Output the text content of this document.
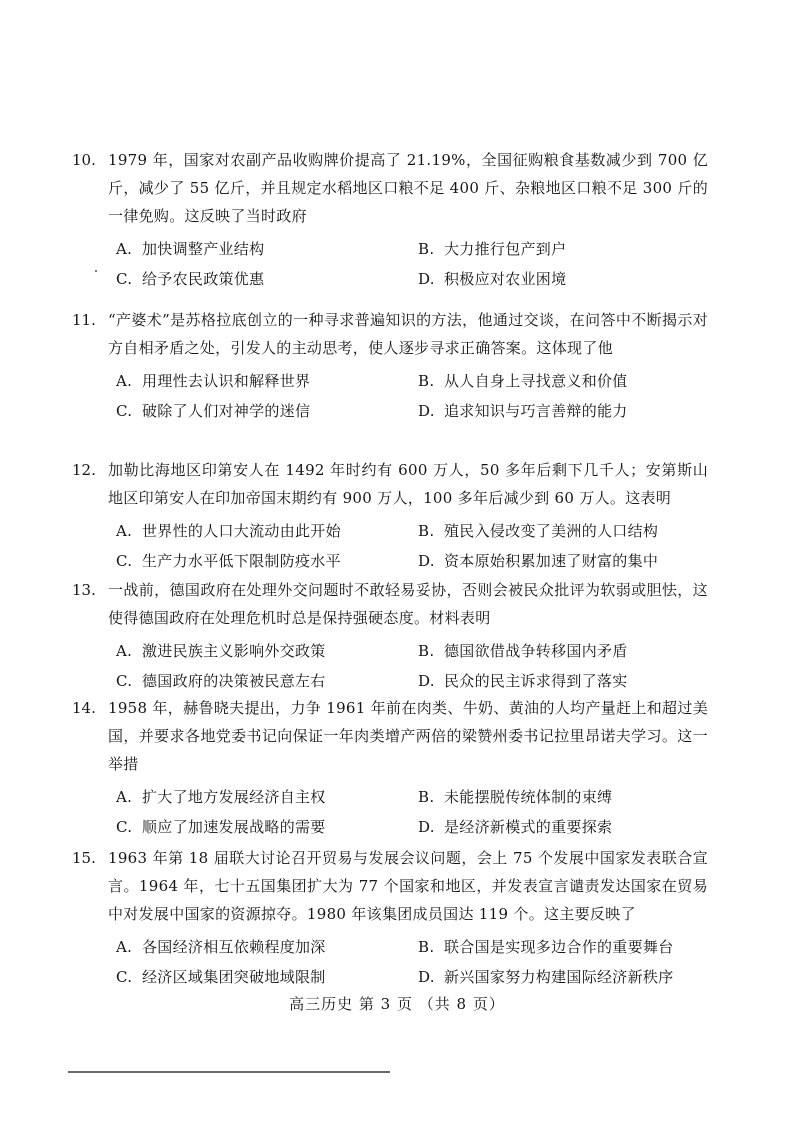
10. 1979 年，国家对农副产品收购牌价提高了 21.19%，全国征购粮食基数减少到 700 亿斤，减少了 55 亿斤，并且规定水稻地区口粮不足 400 斤、杂粮地区口粮不足 300 斤的一律免购。这反映了当时政府

A. 加快调整产业结构	B. 大力推行包产到户
C. 给予农民政策优惠	D. 积极应对农业困境
11. “产婆术”是苏格拉底创立的一种寻求普遍知识的方法，他通过交谈，在问答中不断揭示对方自相矛盾之处，引发人的主动思考，使人逐步寻求正确答案。这体现了他

A. 用理性去认识和解释世界	B. 从人自身上寻找意义和价值
C. 破除了人们对神学的迷信	D. 追求知识与巧言善辩的能力
12. 加勒比海地区印第安人在 1492 年时约有 600 万人，50 多年后剩下几千人；安第斯山地区印第安人在印加帝国末期约有 900 万人，100 多年后减少到 60 万人。这表明

A. 世界性的人口大流动由此开始	B. 殖民入侵改变了美洲的人口结构
C. 生产力水平低下限制防疫水平	D. 资本原始积累加速了财富的集中
13. 一战前，德国政府在处理外交问题时不敢轻易妥协，否则会被民众批评为软弱或胆怯，这使得德国政府在处理危机时总是保持强硬态度。材料表明

A. 激进民族主义影响外交政策	B. 德国欲借战争转移国内矛盾
C. 德国政府的决策被民意左右	D. 民众的民主诉求得到了落实
14. 1958 年，赫鲁晓夫提出，力争 1961 年前在肉类、牛奶、黄油的人均产量赶上和超过美国，并要求各地党委书记向保证一年肉类增产两倍的梁赞州委书记拉里昂诺夫学习。这一举措

A. 扩大了地方发展经济自主权	B. 未能摆脱传统体制的束缚
C. 顺应了加速发展战略的需要	D. 是经济新模式的重要探索
15. 1963 年第 18 届联大讨论召开贸易与发展会议问题，会上 75 个发展中国家发表联合宣言。1964 年，七十五国集团扩大为 77 个国家和地区，并发表宣言谴责发达国家在贸易中对发展中国家的资源掠夺。1980 年该集团成员国达 119 个。这主要反映了

A. 各国经济相互依赖程度加深	B. 联合国是实现多边合作的重要舞台
C. 经济区域集团突破地域限制	D. 新兴国家努力构建国际经济新秩序
高三历史 第 3 页 （共 8 页）
